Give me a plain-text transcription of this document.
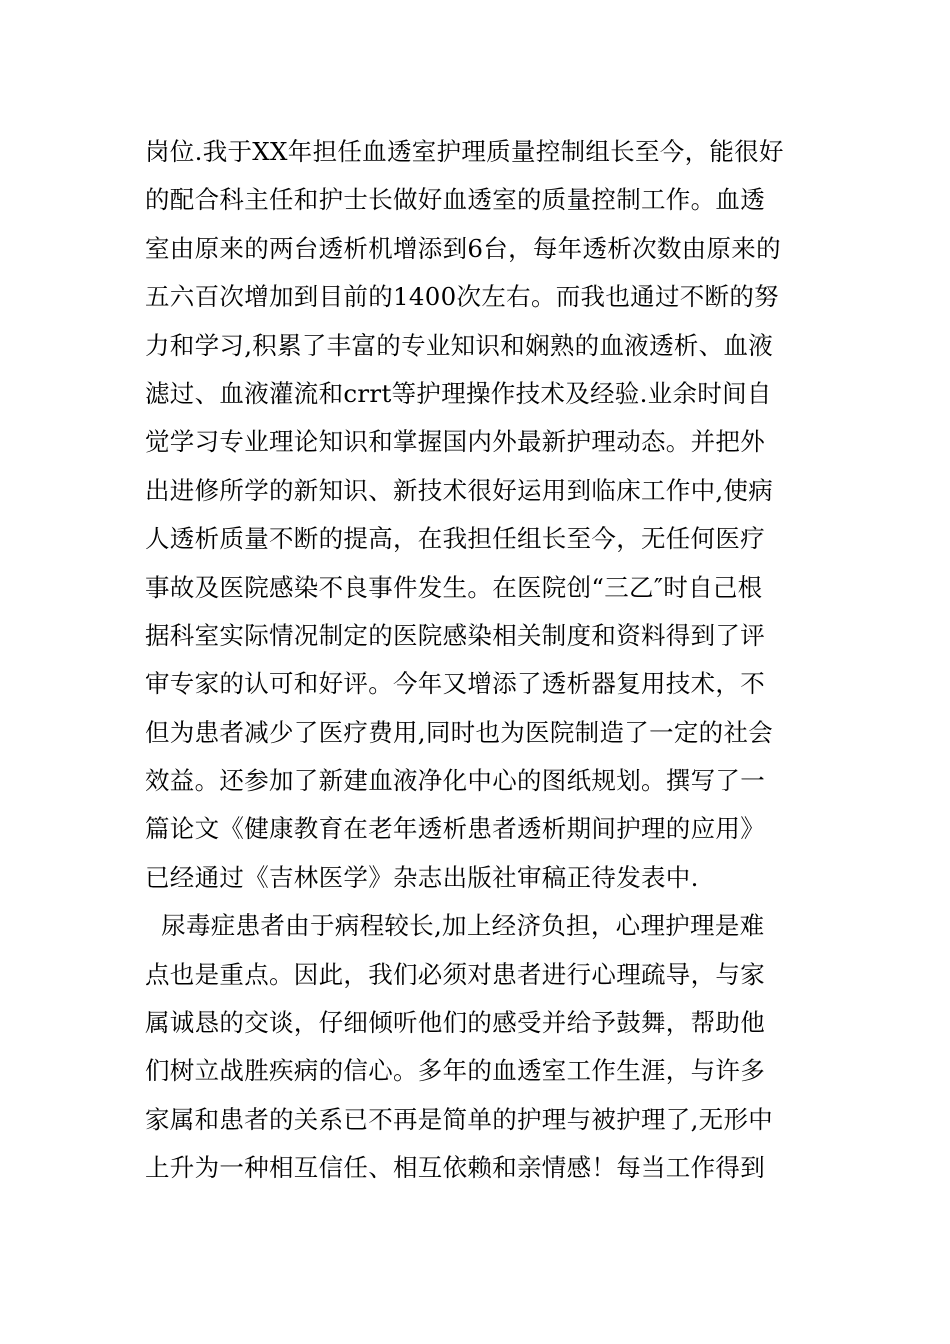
岗位.我于XX年担任血透室护理质量控制组长至今，能很好
的配合科主任和护士长做好血透室的质量控制工作。血透
室由原来的两台透析机增添到6台，每年透析次数由原来的
五六百次增加到目前的1400次左右。而我也通过不断的努
力和学习,积累了丰富的专业知识和娴熟的血液透析、血液
滤过、血液灌流和crrt等护理操作技术及经验.业余时间自
觉学习专业理论知识和掌握国内外最新护理动态。并把外
出进修所学的新知识、新技术很好运用到临床工作中,使病
人透析质量不断的提高，在我担任组长至今，无任何医疗
事故及医院感染不良事件发生。在医院创“三乙″时自己根
据科室实际情况制定的医院感染相关制度和资料得到了评
审专家的认可和好评。今年又增添了透析器复用技术，不
但为患者减少了医疗费用,同时也为医院制造了一定的社会
效益。还参加了新建血液净化中心的图纸规划。撰写了一
篇论文《健康教育在老年透析患者透析期间护理的应用》
已经通过《吉林医学》杂志出版社审稿正待发表中.
尿毒症患者由于病程较长,加上经济负担，心理护理是难
点也是重点。因此，我们必须对患者进行心理疏导，与家
属诚恳的交谈，仔细倾听他们的感受并给予鼓舞，帮助他
们树立战胜疾病的信心。多年的血透室工作生涯，与许多
家属和患者的关系已不再是简单的护理与被护理了,无形中
上升为一种相互信任、相互依赖和亲情感！每当工作得到
